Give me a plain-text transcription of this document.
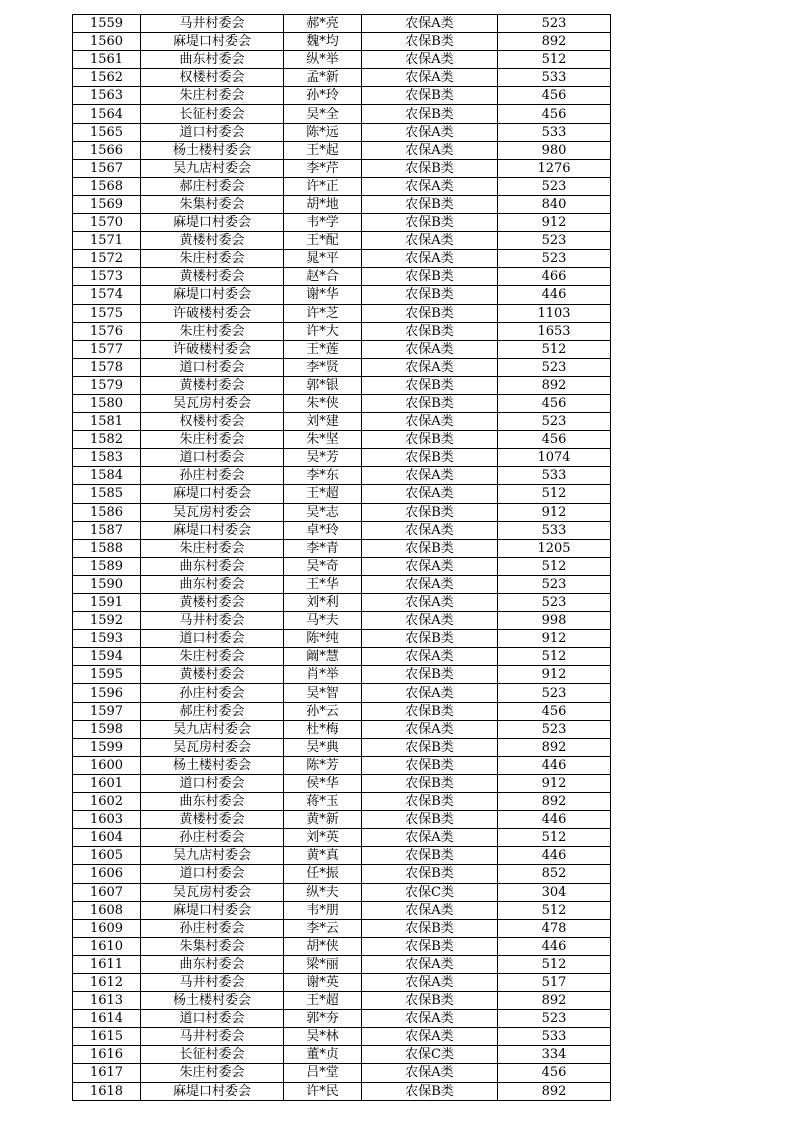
1559	马井村委会	郝*亮	农保A类	523
1560	麻堤口村委会	魏*均	农保B类	892
1561	曲东村委会	纵*举	农保A类	512
1562	权楼村委会	孟*新	农保A类	533
1563	朱庄村委会	孙*玲	农保B类	456
1564	长征村委会	吴*全	农保B类	456
1565	道口村委会	陈*远	农保A类	533
1566	杨土楼村委会	王*起	农保A类	980
1567	吴九店村委会	李*芹	农保B类	1276
1568	郝庄村委会	许*正	农保A类	523
1569	朱集村委会	胡*地	农保B类	840
1570	麻堤口村委会	韦*学	农保B类	912
1571	黄楼村委会	王*配	农保A类	523
1572	朱庄村委会	晁*平	农保A类	523
1573	黄楼村委会	赵*合	农保B类	466
1574	麻堤口村委会	谢*华	农保B类	446
1575	许破楼村委会	许*芝	农保B类	1103
1576	朱庄村委会	许*大	农保B类	1653
1577	许破楼村委会	王*莲	农保A类	512
1578	道口村委会	李*贤	农保A类	523
1579	黄楼村委会	郭*银	农保B类	892
1580	吴瓦房村委会	朱*侠	农保B类	456
1581	权楼村委会	刘*建	农保A类	523
1582	朱庄村委会	朱*坚	农保B类	456
1583	道口村委会	吴*芳	农保B类	1074
1584	孙庄村委会	李*东	农保A类	533
1585	麻堤口村委会	王*超	农保A类	512
1586	吴瓦房村委会	吴*志	农保B类	912
1587	麻堤口村委会	卓*玲	农保A类	533
1588	朱庄村委会	李*青	农保B类	1205
1589	曲东村委会	吴*奇	农保A类	512
1590	曲东村委会	王*华	农保A类	523
1591	黄楼村委会	刘*利	农保A类	523
1592	马井村委会	马*夫	农保A类	998
1593	道口村委会	陈*纯	农保B类	912
1594	朱庄村委会	阚*慧	农保A类	512
1595	黄楼村委会	肖*举	农保B类	912
1596	孙庄村委会	吴*智	农保A类	523
1597	郝庄村委会	孙*云	农保B类	456
1598	吴九店村委会	杜*梅	农保A类	523
1599	吴瓦房村委会	吴*典	农保B类	892
1600	杨土楼村委会	陈*芳	农保B类	446
1601	道口村委会	侯*华	农保B类	912
1602	曲东村委会	蒋*玉	农保B类	892
1603	黄楼村委会	黄*新	农保B类	446
1604	孙庄村委会	刘*英	农保A类	512
1605	吴九店村委会	黄*真	农保B类	446
1606	道口村委会	任*振	农保B类	852
1607	吴瓦房村委会	纵*夫	农保C类	304
1608	麻堤口村委会	韦*朋	农保A类	512
1609	孙庄村委会	李*云	农保B类	478
1610	朱集村委会	胡*侠	农保B类	446
1611	曲东村委会	梁*丽	农保A类	512
1612	马井村委会	谢*英	农保A类	517
1613	杨土楼村委会	王*超	农保B类	892
1614	道口村委会	郭*夯	农保A类	523
1615	马井村委会	吴*林	农保A类	533
1616	长征村委会	董*贞	农保C类	334
1617	朱庄村委会	吕*堂	农保A类	456
1618	麻堤口村委会	许*民	农保B类	892
